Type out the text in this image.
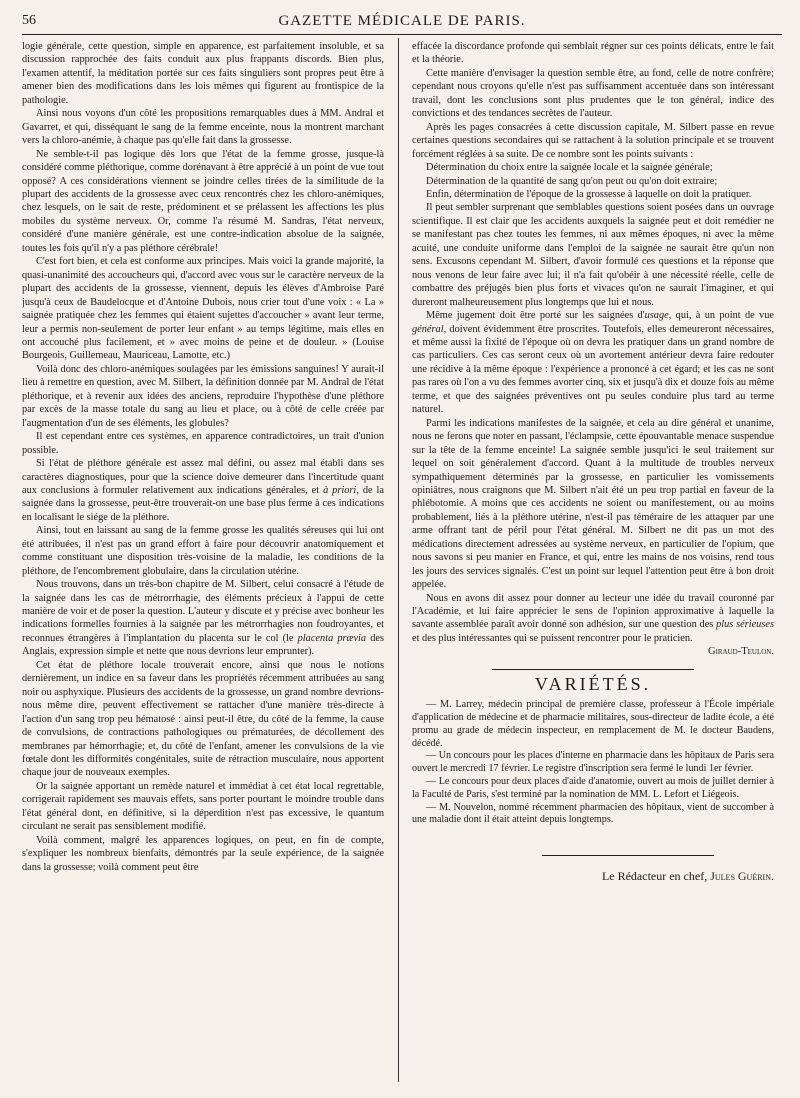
56	GAZETTE MÉDICALE DE PARIS.

logie générale, cette question, simple en apparence, est parfaitement insoluble, et sa discussion rapprochée des faits conduit aux plus frappants discords. Bien plus, l'examen attentif, la méditation portée sur ces faits singuliers sont propres peut être à amener bien des modifications dans les lois mêmes qui figurent au frontispice de la pathologie.

Ainsi nous voyons d'un côté les propositions remarquables dues à MM. Andral et Gavarret, et qui, disséquant le sang de la femme enceinte, nous la montrent marchant vers la chloro-anémie, à chaque pas qu'elle fait dans la grossesse.

Ne semble-t-il pas logique dès lors que l'état de la femme grosse, jusque-là considéré comme pléthorique, comme dorénavant à être apprécié à un point de vue tout opposé? A ces considérations viennent se joindre celles tirées de la similitude de la plupart des accidents de la grossesse avec ceux rencontrés chez les chloro-anémiques, chez lesquels, on le sait de reste, prédominent et se prélassent les affections les plus mobiles du système nerveux. Or, comme l'a résumé M. Sandras, l'état nerveux, considéré d'une manière générale, est une contre-indication absolue de la saignée, toutes les fois qu'il n'y a pas pléthore cérébrale!

C'est fort bien, et cela est conforme aux principes. Mais voici la grande majorité, la quasi-unanimité des accoucheurs qui, d'accord avec vous sur le caractère nerveux de la plupart des accidents de la grossesse, viennent, depuis les élèves d'Ambroise Paré jusqu'à ceux de Baudelocque et d'Antoine Dubois, nous crier tout d'une voix : « La » saignée pratiquée chez les femmes qui étaient sujettes d'accoucher » avant leur terme, leur a permis non-seulement de porter leur enfant » au temps légitime, mais elles en ont accouché plus facilement, et » avec moins de peine et de douleur. » (Louise Bourgeois, Guillemeau, Mauriceau, Lamotte, etc.)

Voilà donc des chloro-anémiques soulagées par les émissions sanguines! Y aurait-il lieu à remettre en question, avec M. Silbert, la définition donnée par M. Andral de l'état pléthorique, et à revenir aux idées des anciens, reproduire l'hypothèse d'une pléthore par excès de la masse totale du sang au lieu et place, ou à côté de celle créée par l'augmentation d'un de ses éléments, les globules?

Il est cependant entre ces systèmes, en apparence contradictoires, un trait d'union possible.

Si l'état de pléthore générale est assez mal défini, ou assez mal établi dans ses caractères diagnostiques, pour que la science doive demeurer dans l'incertitude quant aux conclusions à formuler relativement aux indications générales, et à priori, de la saignée dans la grossesse, peut-être trouverait-on une base plus ferme à ces indications en localisant le siége de la pléthore.

Ainsi, tout en laissant au sang de la femme grosse les qualités séreuses qui lui ont été attribuées, il n'est pas un grand effort à faire pour découvrir anatomiquement et comme constituant une disposition très-voisine de la maladie, les conditions de la pléthore, de l'encombrement globulaire, dans la circulation utérine.

Nous trouvons, dans un très-bon chapitre de M. Silbert, celui consacré à l'étude de la saignée dans les cas de métrorrhagie, des éléments précieux à l'appui de cette manière de voir et de poser la question. L'auteur y discute et y précise avec bonheur les indications formelles fournies à la saignée par les métrorrhagies non foudroyantes, et reconnues étrangères à l'implantation du placenta sur le col (le placenta prævia des Anglais, expression simple et nette que nous devrions leur emprunter).

Cet état de pléthore locale trouverait encore, ainsi que nous le notions dernièrement, un indice en sa faveur dans les propriétés récemment attribuées au sang noir ou asphyxique. Plusieurs des accidents de la grossesse, un grand nombre devrions-nous même dire, peuvent effectivement se rattacher d'une manière très-directe à l'action d'un sang trop peu hématosé : ainsi peut-il être, du côté de la femme, la cause de convulsions, de contractions pathologiques ou prématurées, de décollement des membranes par hémorrhagie; et, du côté de l'enfant, amener les convulsions de la vie fœtale dont les difformités congénitales, suite de rétraction musculaire, nous apportent chaque jour de nouveaux exemples.

Or la saignée apportant un remède naturel et immédiat à cet état local regrettable, corrigerait rapidement ses mauvais effets, sans porter pourtant le moindre trouble dans l'état général dont, en définitive, si la déperdition n'est pas excessive, le quantum circulant ne serait pas sensiblement modifié.

Voilà comment, malgré les apparences logiques, on peut, en fin de compte, s'expliquer les nombreux bienfaits, démontrés par la seule expérience, de la saignée dans la grossesse; voilà comment peut être

effacée la discordance profonde qui semblait régner sur ces points délicats, entre le fait et la théorie.

Cette manière d'envisager la question semble être, au fond, celle de notre confrère; cependant nous croyons qu'elle n'est pas suffisamment accentuée dans son intéressant travail, dont les conclusions sont plus prudentes que le ton général, indice des convictions et des tendances secrètes de l'auteur.

Après les pages consacrées à cette discussion capitale, M. Silbert passe en revue certaines questions secondaires qui se rattachent à la solution principale et se trouvent forcément réglées à sa suite. De ce nombre sont les points suivants :

Détermination du choix entre la saignée locale et la saignée générale;

Détermination de la quantité de sang qu'on peut ou qu'on doit extraire;

Enfin, détermination de l'époque de la grossesse à laquelle on doit la pratiquer.

Il peut sembler surprenant que semblables questions soient posées dans un ouvrage scientifique. Il est clair que les accidents auxquels la saignée peut et doit remédier ne se manifestant pas chez toutes les femmes, ni aux mêmes époques, ni avec la même acuité, une conduite uniforme dans l'emploi de la saignée ne saurait être qu'un non sens. Excusons cependant M. Silbert, d'avoir formulé ces questions et la réponse que nous venons de leur faire avec lui; il n'a fait qu'obéir à une nécessité réelle, celle de combattre des préjugés bien plus forts et vivaces qu'on ne saurait l'imaginer, et qui dureront malheureusement plus longtemps que lui et nous.

Même jugement doit être porté sur les saignées d'usage, qui, à un point de vue général, doivent évidemment être proscrites. Toutefois, elles demeureront nécessaires, et même aussi la fixité de l'époque où on devra les pratiquer dans un grand nombre de cas particuliers. Ces cas seront ceux où un avortement antérieur devra faire redouter une récidive à la même époque : l'expérience a prononcé à cet égard; et les cas ne sont pas rares où l'on a vu des femmes avorter cinq, six et jusqu'à dix et douze fois au même terme, et que des saignées préventives ont pu seules conduire plus tard au terme naturel.

Parmi les indications manifestes de la saignée, et cela au dire général et unanime, nous ne ferons que noter en passant, l'éclampsie, cette épouvantable menace suspendue sur la tête de la femme enceinte! La saignée semble jusqu'ici le seul traitement sur lequel on soit généralement d'accord. Quant à la multitude de troubles nerveux sympathiquement déterminés par la grossesse, en particulier les vomissements opiniâtres, nous craignons que M. Silbert n'ait été un peu trop partial en faveur de la phlébotomie. A moins que ces accidents ne soient ou manifestement, ou au moins probablement, liés à la pléthore utérine, n'est-il pas téméraire de les attaquer par une arme offrant tant de péril pour l'état général. M. Silbert ne dit pas un mot des médications directement adressées au système nerveux, en particulier de l'opium, que nous savons si peu manier en France, et qui, entre les mains de nos voisins, rend tous les jours des services signalés. C'est un point sur lequel l'attention peut être à bon droit appelée.

Nous en avons dit assez pour donner au lecteur une idée du travail couronné par l'Académie, et lui faire apprécier le sens de l'opinion approximative à laquelle la savante assemblée paraît avoir donné son adhésion, sur une question des plus sérieuses et des plus intéressantes qui se puissent rencontrer pour le praticien.

Giraud-Teulon.

VARIÉTÉS.

— M. Larrey, médecin principal de première classe, professeur à l'École impériale d'application de médecine et de pharmacie militaires, sous-directeur de ladite école, a été promu au grade de médecin inspecteur, en remplacement de M. le docteur Baudens, décédé.

— Un concours pour les places d'interne en pharmacie dans les hôpitaux de Paris sera ouvert le mercredi 17 février. Le registre d'inscription sera fermé le lundi 1er février.

— Le concours pour deux places d'aide d'anatomie, ouvert au mois de juillet dernier à la Faculté de Paris, s'est terminé par la nomination de MM. L. Lefort et Liégeois.

— M. Nouvelon, nommé récemment pharmacien des hôpitaux, vient de succomber à une maladie dont il était atteint depuis longtemps.

Le Rédacteur en chef, Jules Guérin.
